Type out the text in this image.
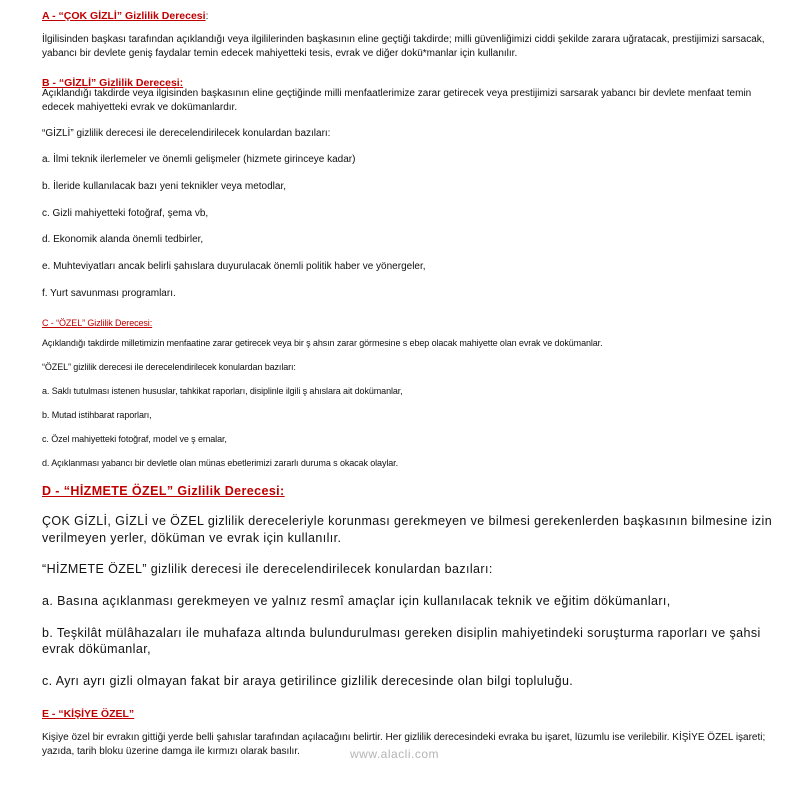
A - “ÇOK GİZLİ” Gizlilik Derecesi:

İlgilisinden başkası tarafından açıklandığı veya ilgililerinden başkasının eline geçtiği takdirde; milli güvenliğimizi ciddi şekilde zarara uğratacak, prestijimizi sarsacak, yabancı bir devlete geniş faydalar temin edecek mahiyetteki tesis, evrak ve diğer dokü*manlar için kullanılır.

B - “GİZLİ” Gizlilik Derecesi:

Açıklandığı takdirde veya ilgisinden başkasının eline geçtiğinde milli menfaatlerimize zarar getirecek veya prestijimizi sarsarak yabancı bir devlete menfaat temin edecek mahiyetteki evrak ve dokümanlardır.

“GİZLİ” gizlilik derecesi ile derecelendirilecek konulardan bazıları:

a. İlmi teknik ilerlemeler ve önemli gelişmeler (hizmete girinceye kadar)

b. İleride kullanılacak bazı yeni teknikler veya metodlar,

c. Gizli mahiyetteki fotoğraf, şema vb,

d. Ekonomik alanda önemli tedbirler,

e. Muhteviyatları ancak belirli şahıslara duyurulacak önemli politik haber ve yönergeler,

f. Yurt savunması programları.

C - “ÖZEL” Gizlilik Derecesi:

Açıklandığı takdirde milletimizin menfaatine zarar getirecek veya bir ş ahsın zarar görmesine s ebep olacak mahiyette olan evrak ve dokümanlar.

“ÖZEL” gizlilik derecesi ile derecelendirilecek konulardan bazıları:

a. Saklı tutulması istenen hususlar, tahkikat raporları, disiplinle ilgili ş ahıslara ait dokümanlar,

b. Mutad istihbarat raporları,

c. Özel mahiyetteki fotoğraf, model ve ş emalar,

d. Açıklanması yabancı bir devletle olan münas ebetlerimizi zararlı duruma s okacak olaylar.

D - “HİZMETE ÖZEL” Gizlilik Derecesi:

ÇOK GİZLİ, GİZLİ ve ÖZEL gizlilik dereceleriyle korunması gerekmeyen ve bilmesi gerekenlerden başkasının bilmesine izin verilmeyen yerler, döküman ve evrak için kullanılır.

“HİZMETE ÖZEL” gizlilik derecesi ile derecelendirilecek konulardan bazıları:

a. Basına açıklanması gerekmeyen ve yalnız resmî amaçlar için kullanılacak teknik ve eğitim dökümanları,

b. Teşkilât mülâhazaları ile muhafaza altında bulundurulması gereken disiplin mahiyetindeki soruşturma raporları ve şahsi evrak dökümanlar,

c. Ayrı ayrı gizli olmayan fakat bir araya getirilince gizlilik derecesinde olan bilgi topluluğu.

E - “KİŞİYE ÖZEL”

Kişiye özel bir evrakın gittiği yerde belli şahıslar tarafından açılacağını belirtir. Her gizlilik derecesindeki evraka bu işaret, lüzumlu ise verilebilir. KİŞİYE ÖZEL işareti; yazıda, tarih bloku üzerine damga ile kırmızı olarak basılır.	www.alacli.com
